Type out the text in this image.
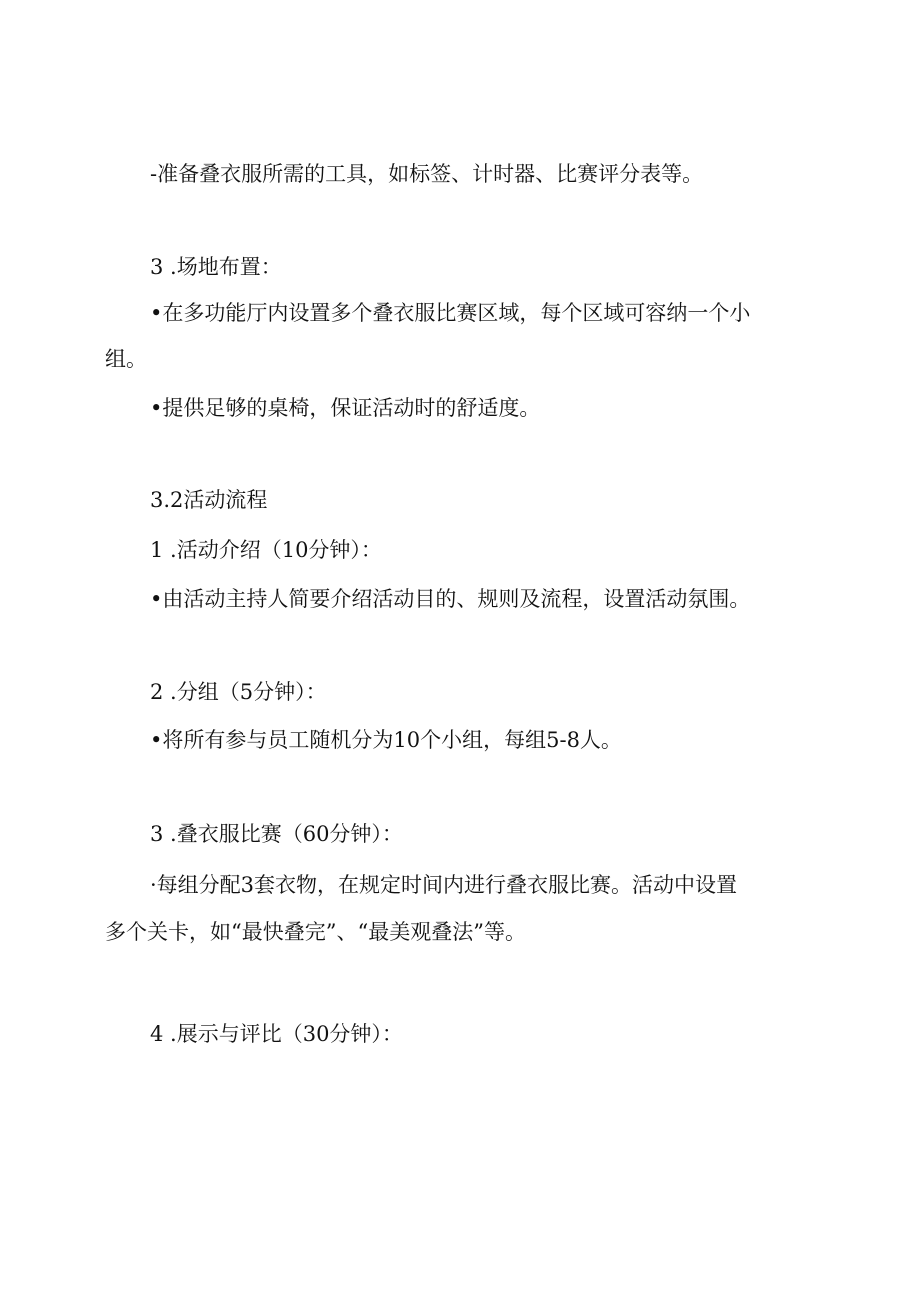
-准备叠衣服所需的工具，如标签、计时器、比赛评分表等。
3 .场地布置：
•在多功能厅内设置多个叠衣服比赛区域，每个区域可容纳一个小
组。
•提供足够的桌椅，保证活动时的舒适度。
3.2活动流程
1 .活动介绍（10分钟）：
•由活动主持人简要介绍活动目的、规则及流程，设置活动氛围。
2 .分组（5分钟）：
•将所有参与员工随机分为10个小组，每组5-8人。
3 .叠衣服比赛（60分钟）：
·每组分配3套衣物，在规定时间内进行叠衣服比赛。活动中设置
多个关卡，如“最快叠完”、“最美观叠法”等。
4 .展示与评比（30分钟）：
